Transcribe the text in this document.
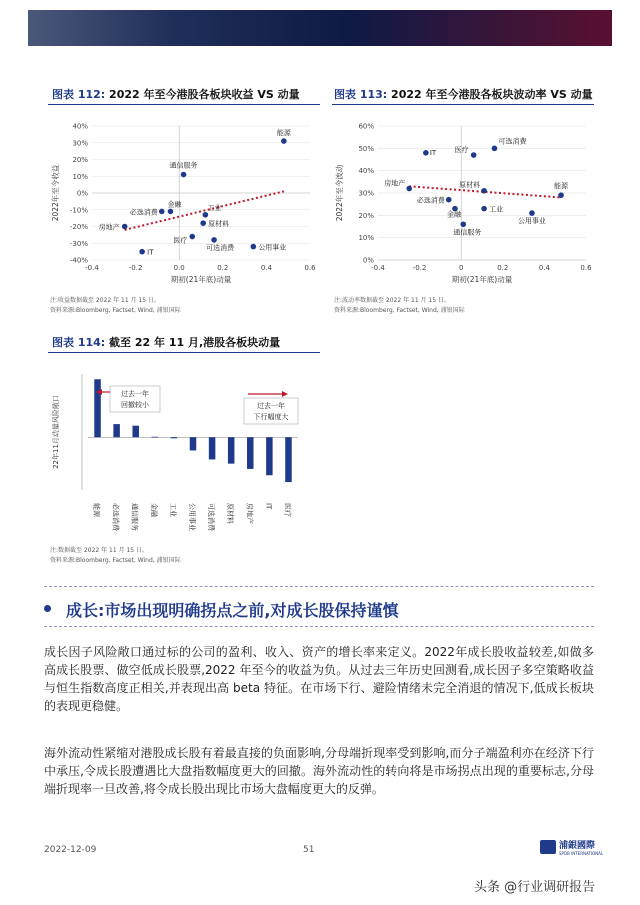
图表 112: 2022 年至今港股各板块收益 VS 动量
-40%
-30%
-20%
-10%
0%
10%
20%
30%
40%
-0.4	-0.2	0.0	0.2	0.4	0.6
能源
通信服务
必选消费
金融	工业
原材料
房地产
医疗
可选消费
IT
公用事业
期初(21年底)动量
2022年至今收益
注:收益数据截至 2022 年 11 月 15 日。
资料来源:Bloomberg, Factset, Wind, 浦银国际
图表 113: 2022 年至今港股各板块波动率 VS 动量
0%
10%
20%
30%
40%
50%
60%
-0.4	-0.2	0	0.2	0.4	0.6
IT	医疗
可选消费
房地产	原材料	能源
必选消费
金融
工业
公用事业
通信服务
期初(21年底)动量
2022年至今波动
注:波动率数据截至 2022 年 11 月 15 日。
资料来源:Bloomberg, Factset, Wind, 浦银国际
图表 114: 截至 22 年 11 月,港股各板块动量
能源 必选消费 通信服务 金融 工业 公用事业 可选消费 原材料 房地产 IT 医疗
22年11月动量风险敞口
过去一年
回撤较小	过去一年
下行幅度大
注:数据截至 2022 年 11 月 15 日。
资料来源:Bloomberg, Factset, Wind, 浦银国际
成长:市场出现明确拐点之前,对成长股保持谨慎
成长因子风险敞口通过标的公司的盈利、收入、资产的增长率来定义。2022年成长股收益较差,如做多高成长股票、做空低成长股票,2022 年至今的收益为负。从过去三年历史回测看,成长因子多空策略收益与恒生指数高度正相关,并表现出高 beta 特征。在市场下行、避险情绪未完全消退的情况下,低成长板块的表现更稳健。
海外流动性紧缩对港股成长股有着最直接的负面影响,分母端折现率受到影响,而分子端盈利亦在经济下行中承压,令成长股遭遇比大盘指数幅度更大的回撤。海外流动性的转向将是市场拐点出现的重要标志,分母端折现率一旦改善,将令成长股出现比市场大盘幅度更大的反弹。
2022-12-09	51	浦銀國際
SPDB INTERNATIONAL
头条 @行业调研报告
